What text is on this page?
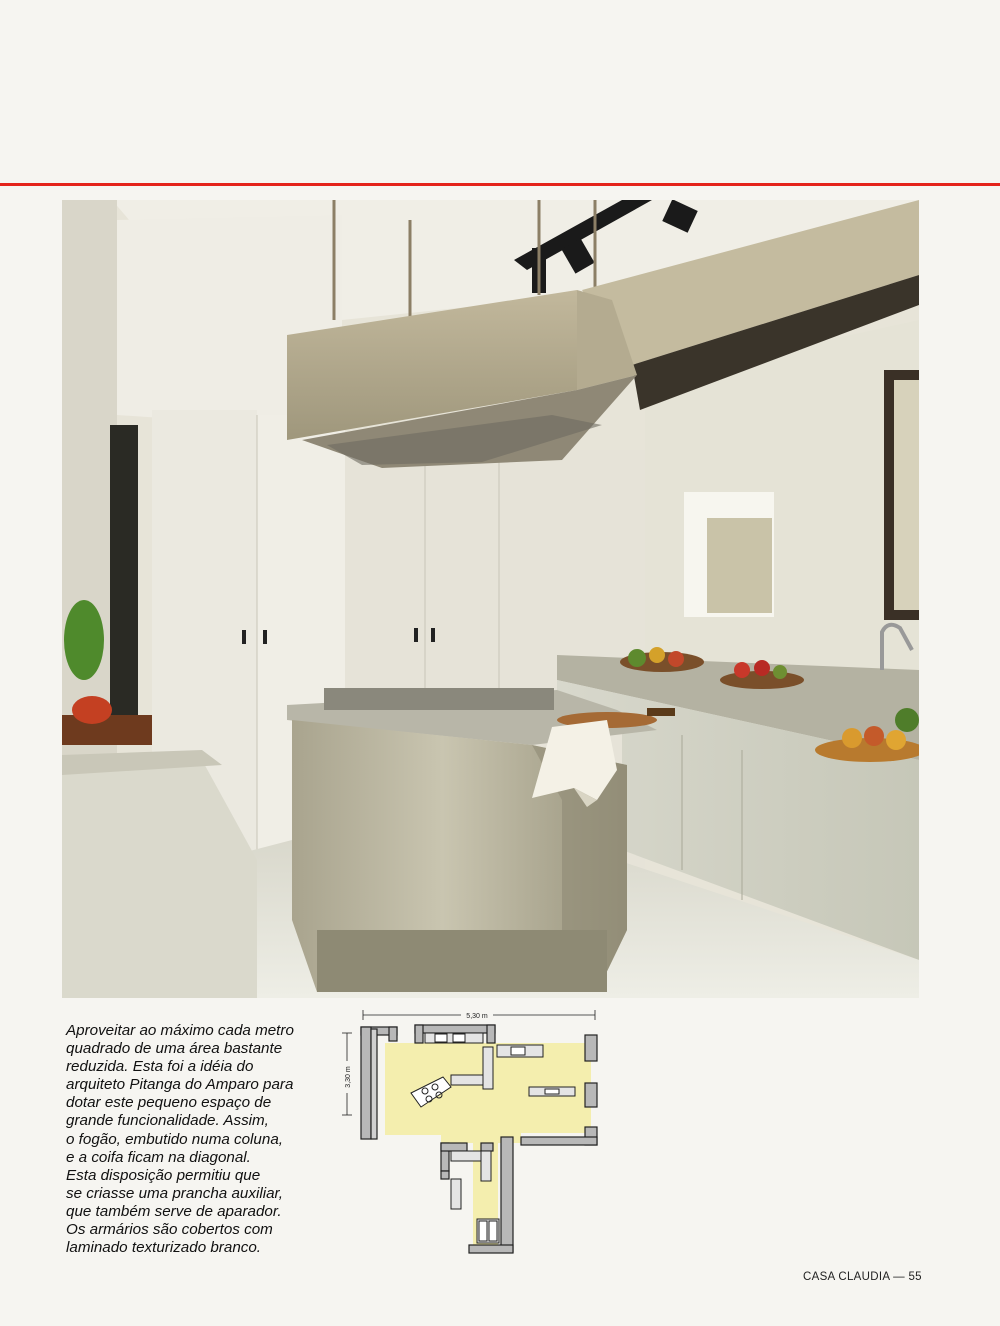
Aproveitar ao máximo cada metro
quadrado de uma área bastante
reduzida. Esta foi a idéia do
arquiteto Pitanga do Amparo para
dotar este pequeno espaço de
grande funcionalidade. Assim,
o fogão, embutido numa coluna,
e a coifa ficam na diagonal.
Esta disposição permitiu que
se criasse uma prancha auxiliar,
que também serve de aparador.
Os armários são cobertos com
laminado texturizado branco.
5,30 m
3,30 m
CASA CLAUDIA — 55
